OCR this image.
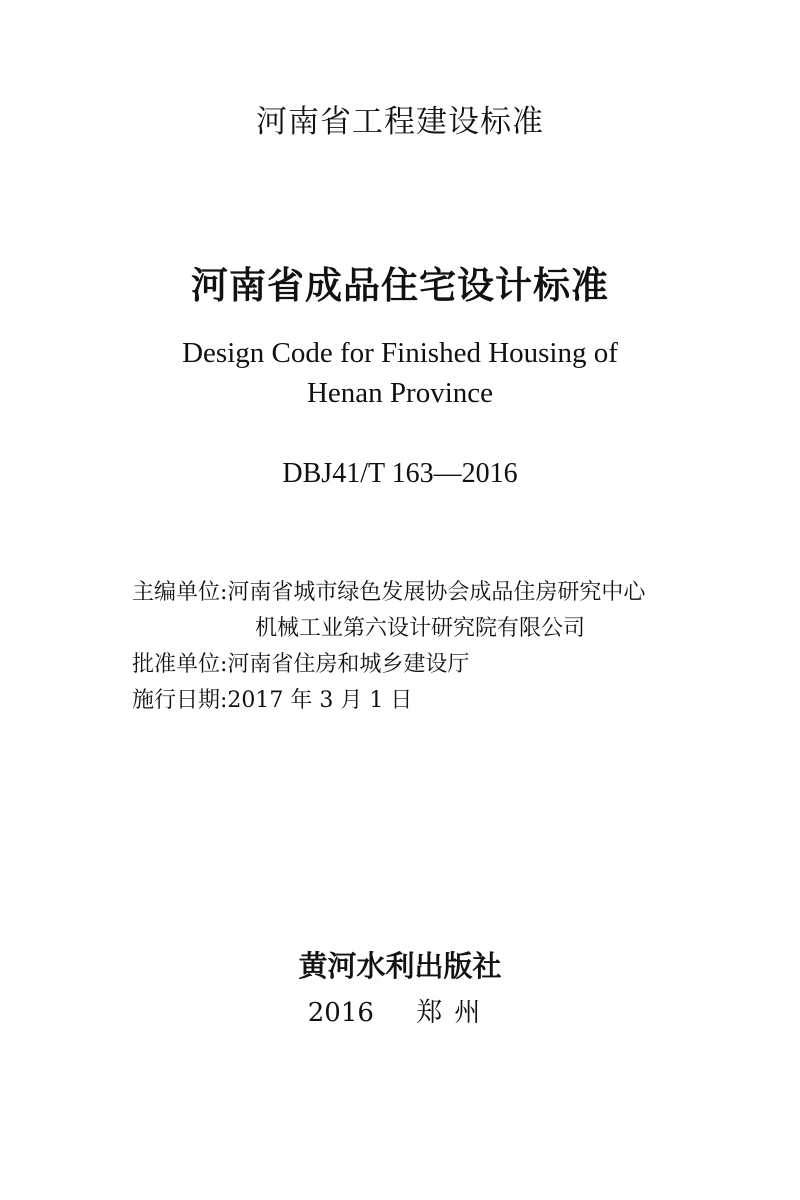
河南省工程建设标准
河南省成品住宅设计标准
Design Code for Finished Housing of
Henan Province
DBJ41/T 163—2016
主编单位: 河南省城市绿色发展协会成品住房研究中心
机械工业第六设计研究院有限公司
批准单位: 河南省住房和城乡建设厅
施行日期: 2017 年 3 月 1 日
黄河水利出版社
2016 郑州
